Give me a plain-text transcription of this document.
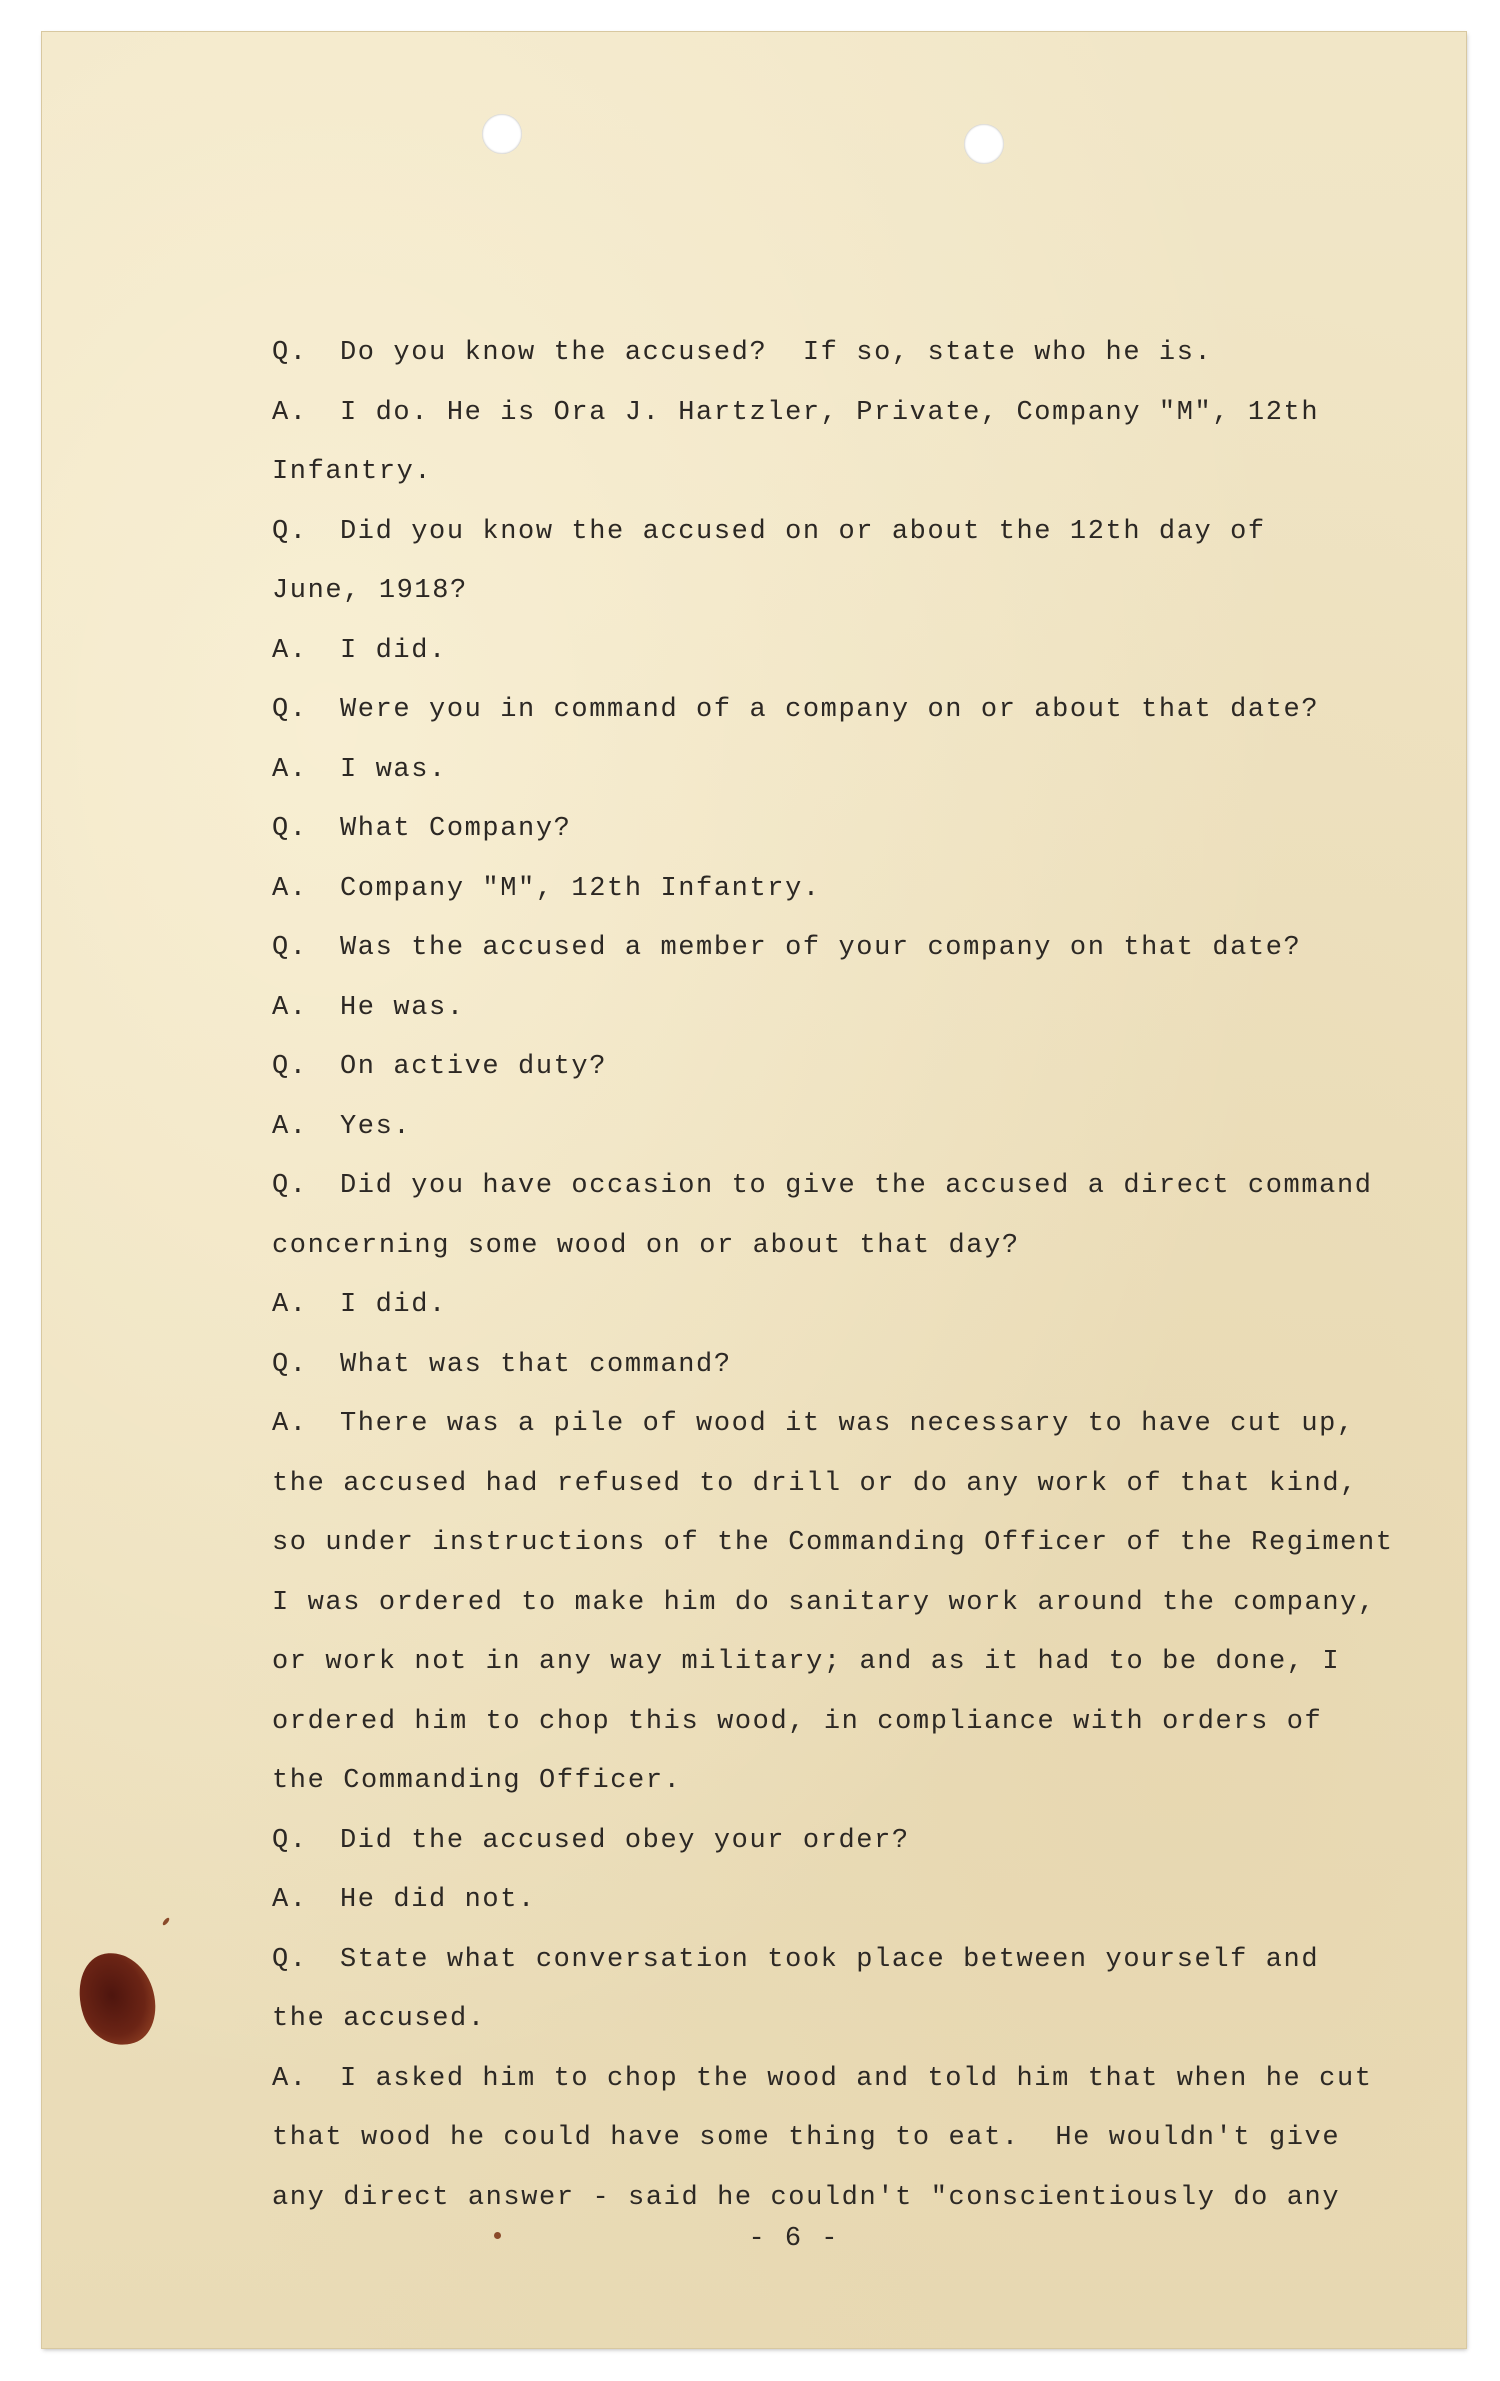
Q. Do you know the accused?  If so, state who he is.
A. I do. He is Ora J. Hartzler, Private, Company "M", 12th
Infantry.
Q. Did you know the accused on or about the 12th day of
June, 1918?
A. I did.
Q. Were you in command of a company on or about that date?
A. I was.
Q. What Company?
A. Company "M", 12th Infantry.
Q. Was the accused a member of your company on that date?
A. He was.
Q. On active duty?
A. Yes.
Q. Did you have occasion to give the accused a direct command
concerning some wood on or about that day?
A. I did.
Q. What was that command?
A. There was a pile of wood it was necessary to have cut up,
the accused had refused to drill or do any work of that kind,
so under instructions of the Commanding Officer of the Regiment
I was ordered to make him do sanitary work around the company,
or work not in any way military; and as it had to be done, I
ordered him to chop this wood, in compliance with orders of
the Commanding Officer.
Q. Did the accused obey your order?
A. He did not.
Q. State what conversation took place between yourself and
the accused.
A. I asked him to chop the wood and told him that when he cut
that wood he could have some thing to eat.  He wouldn't give
any direct answer - said he couldn't "conscientiously do any
- 6 -
